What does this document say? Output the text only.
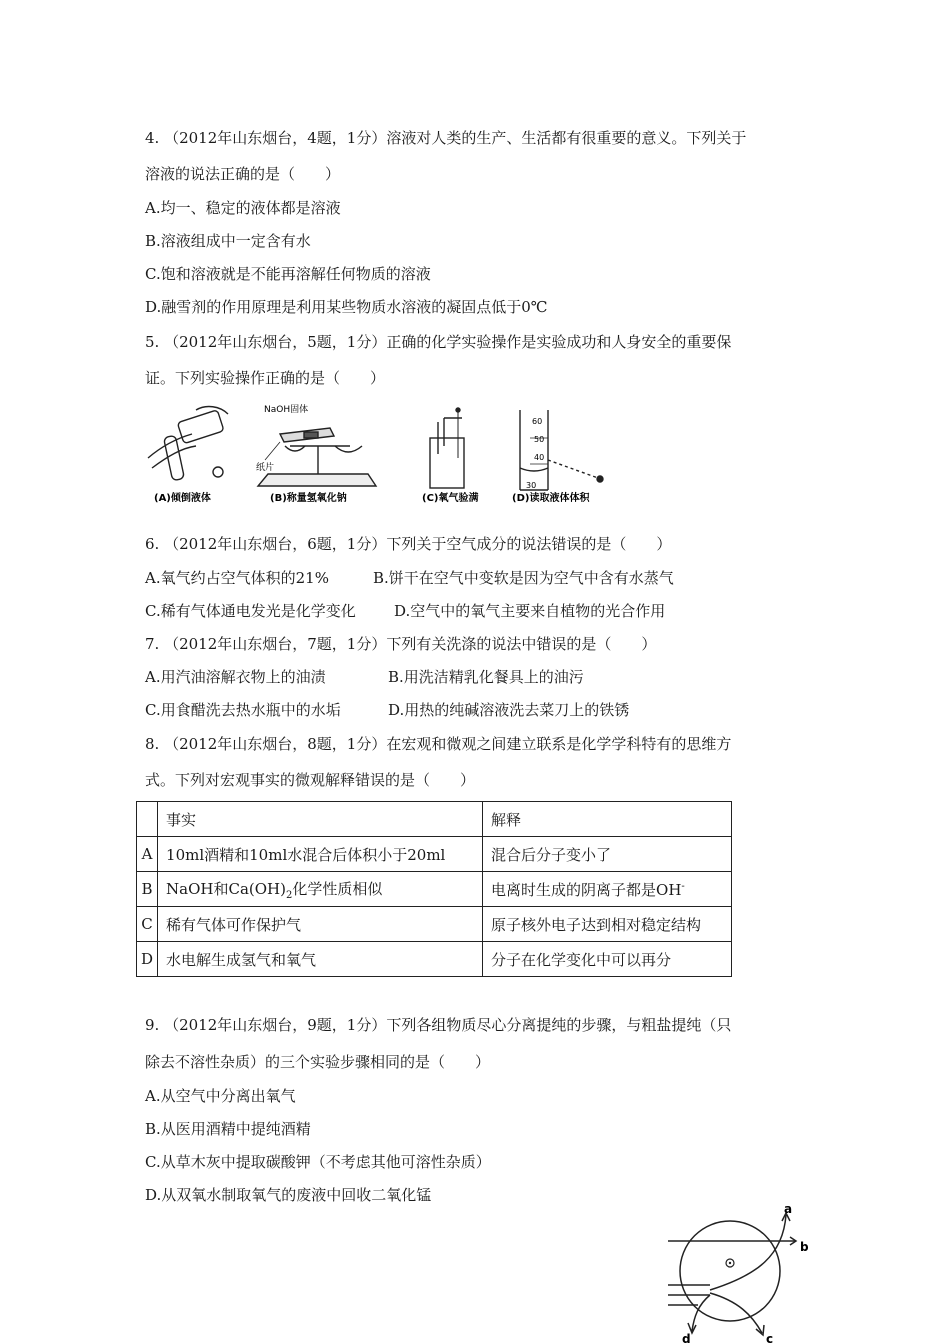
4. （2012年山东烟台，4题，1分）溶液对人类的生产、生活都有很重要的意义。下列关于
溶液的说法正确的是（　　）
A.均一、稳定的液体都是溶液
B.溶液组成中一定含有水
C.饱和溶液就是不能再溶解任何物质的溶液
D.融雪剂的作用原理是利用某些物质水溶液的凝固点低于0℃
5. （2012年山东烟台，5题，1分）正确的化学实验操作是实验成功和人身安全的重要保
证。下列实验操作正确的是（　　）
60
50
40
30
NaOH固体
纸片
(A)倾倒液体	(B)称量氢氧化钠	(C)氧气验满	(D)读取液体体积
6. （2012年山东烟台，6题，1分）下列关于空气成分的说法错误的是（　　）
A.氧气约占空气体积的21%	B.饼干在空气中变软是因为空气中含有水蒸气
C.稀有气体通电发光是化学变化	D.空气中的氧气主要来自植物的光合作用
7. （2012年山东烟台，7题，1分）下列有关洗涤的说法中错误的是（　　）
A.用汽油溶解衣物上的油渍	B.用洗洁精乳化餐具上的油污
C.用食醋洗去热水瓶中的水垢	D.用热的纯碱溶液洗去菜刀上的铁锈
8. （2012年山东烟台，8题，1分）在宏观和微观之间建立联系是化学学科特有的思维方
式。下列对宏观事实的微观解释错误的是（　　）
	事实	解释
A	10ml酒精和10ml水混合后体积小于20ml	混合后分子变小了
B	NaOH和$Ca(OH)_2$化学性质相似	电离时生成的阴离子都是OH-
C	稀有气体可作保护气	原子核外电子达到相对稳定结构
D	水电解生成氢气和氧气	分子在化学变化中可以再分
9. （2012年山东烟台，9题，1分）下列各组物质尽心分离提纯的步骤，与粗盐提纯（只
除去不溶性杂质）的三个实验步骤相同的是（　　）
A.从空气中分离出氧气
B.从医用酒精中提纯酒精
C.从草木灰中提取碳酸钾（不考虑其他可溶性杂质）
D.从双氧水制取氧气的废液中回收二氧化锰
a
b
c
d
